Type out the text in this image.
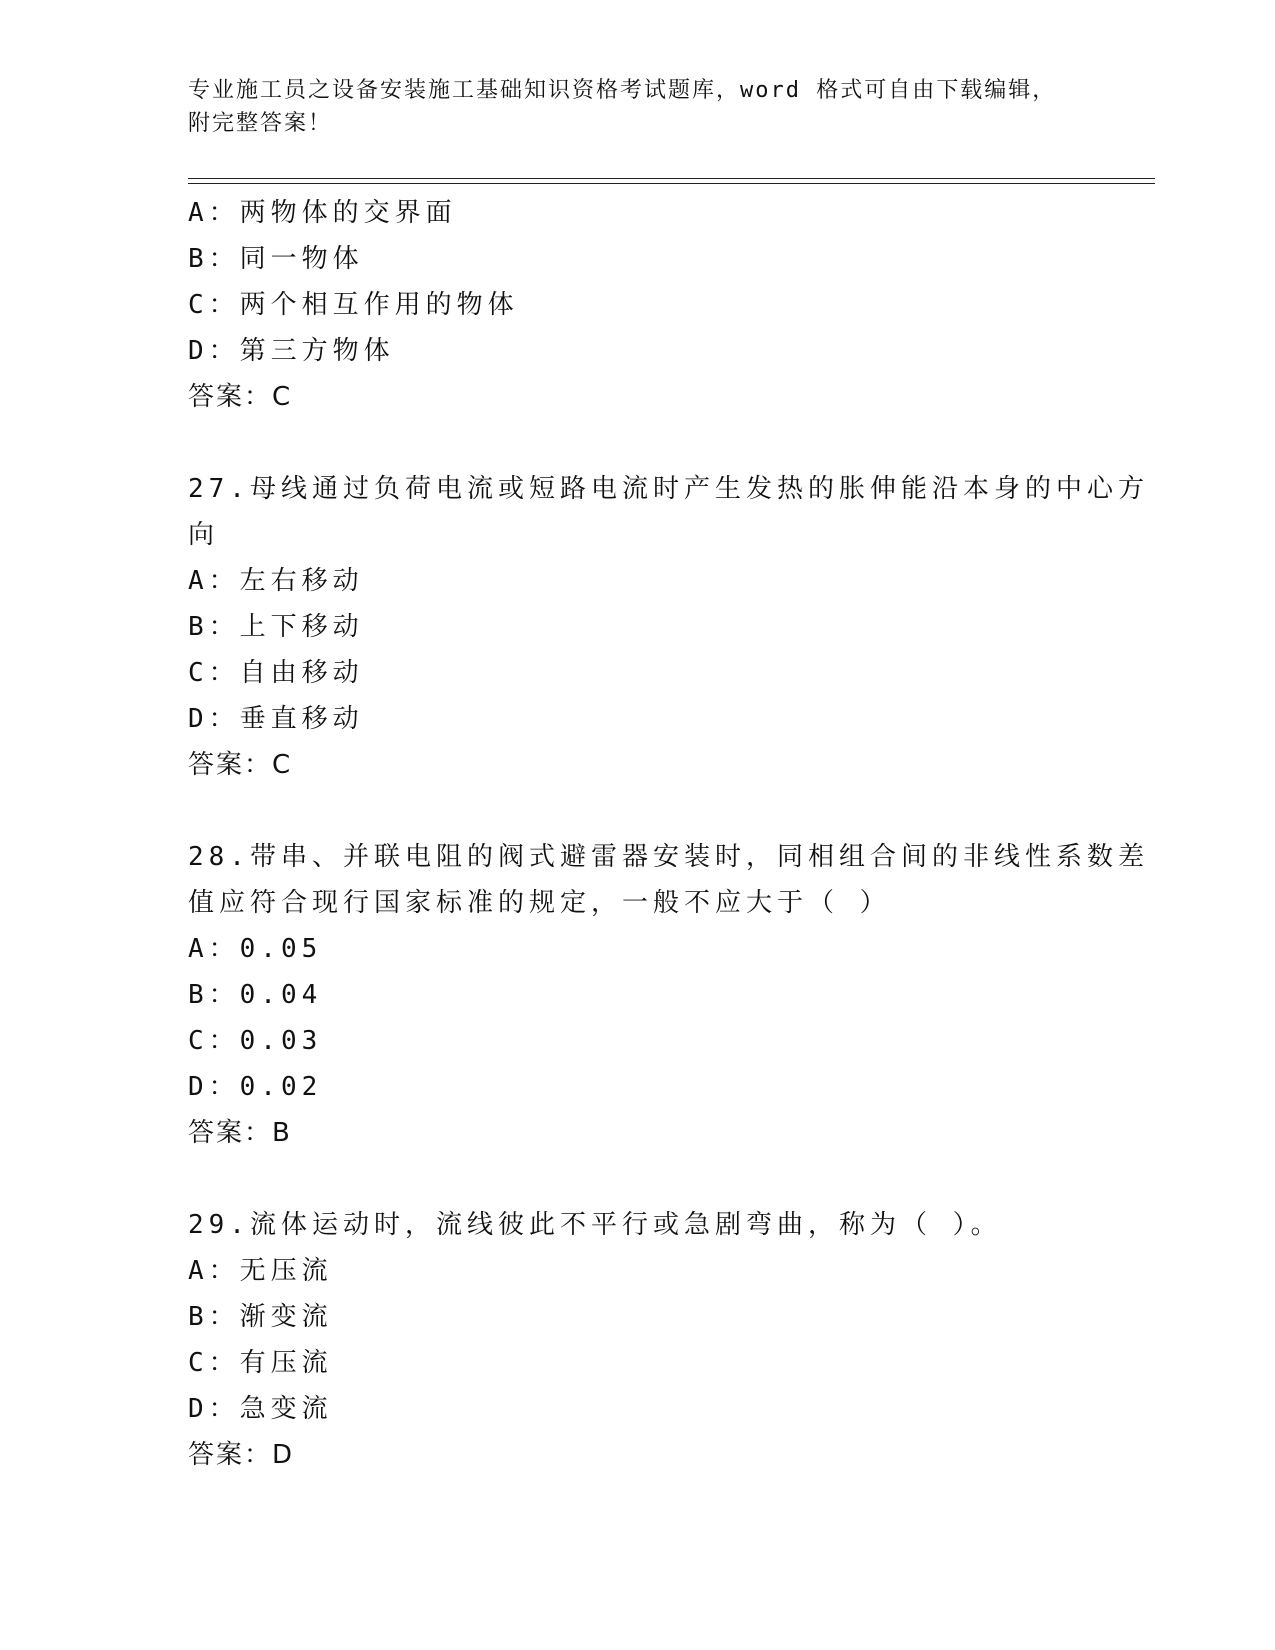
专业施工员之设备安装施工基础知识资格考试题库，word 格式可自由下载编辑，
附完整答案！
A：两物体的交界面
B：同一物体
C：两个相互作用的物体
D：第三方物体
答案：C
27.母线通过负荷电流或短路电流时产生发热的胀伸能沿本身的中心方
向
A：左右移动
B：上下移动
C：自由移动
D：垂直移动
答案：C
28.带串、并联电阻的阀式避雷器安装时，同相组合间的非线性系数差
值应符合现行国家标准的规定，一般不应大于（ ）
A：0.05
B：0.04
C：0.03
D：0.02
答案：B
29.流体运动时，流线彼此不平行或急剧弯曲，称为（ ）。
A：无压流
B：渐变流
C：有压流
D：急变流
答案：D
